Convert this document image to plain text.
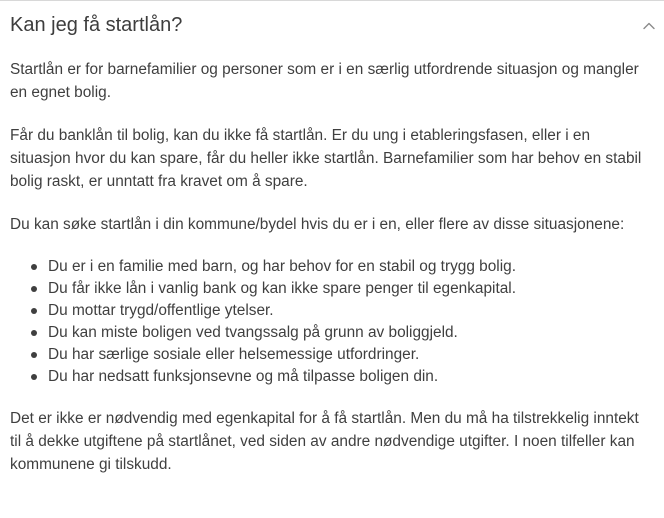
Kan jeg få startlån?

Startlån er for barnefamilier og personer som er i en særlig utfordrende situasjon og mangler en egnet bolig.

Får du banklån til bolig, kan du ikke få startlån. Er du ung i etableringsfasen, eller i en situasjon hvor du kan spare, får du heller ikke startlån. Barnefamilier som har behov en stabil bolig raskt, er unntatt fra kravet om å spare.

Du kan søke startlån i din kommune/bydel hvis du er i en, eller flere av disse situasjonene:

Du er i en familie med barn, og har behov for en stabil og trygg bolig.
Du får ikke lån i vanlig bank og kan ikke spare penger til egenkapital.
Du mottar trygd/offentlige ytelser.
Du kan miste boligen ved tvangssalg på grunn av boliggjeld.
Du har særlige sosiale eller helsemessige utfordringer.
Du har nedsatt funksjonsevne og må tilpasse boligen din.

Det er ikke er nødvendig med egenkapital for å få startlån. Men du må ha tilstrekkelig inntekt til å dekke utgiftene på startlånet, ved siden av andre nødvendige utgifter. I noen tilfeller kan kommunene gi tilskudd.
